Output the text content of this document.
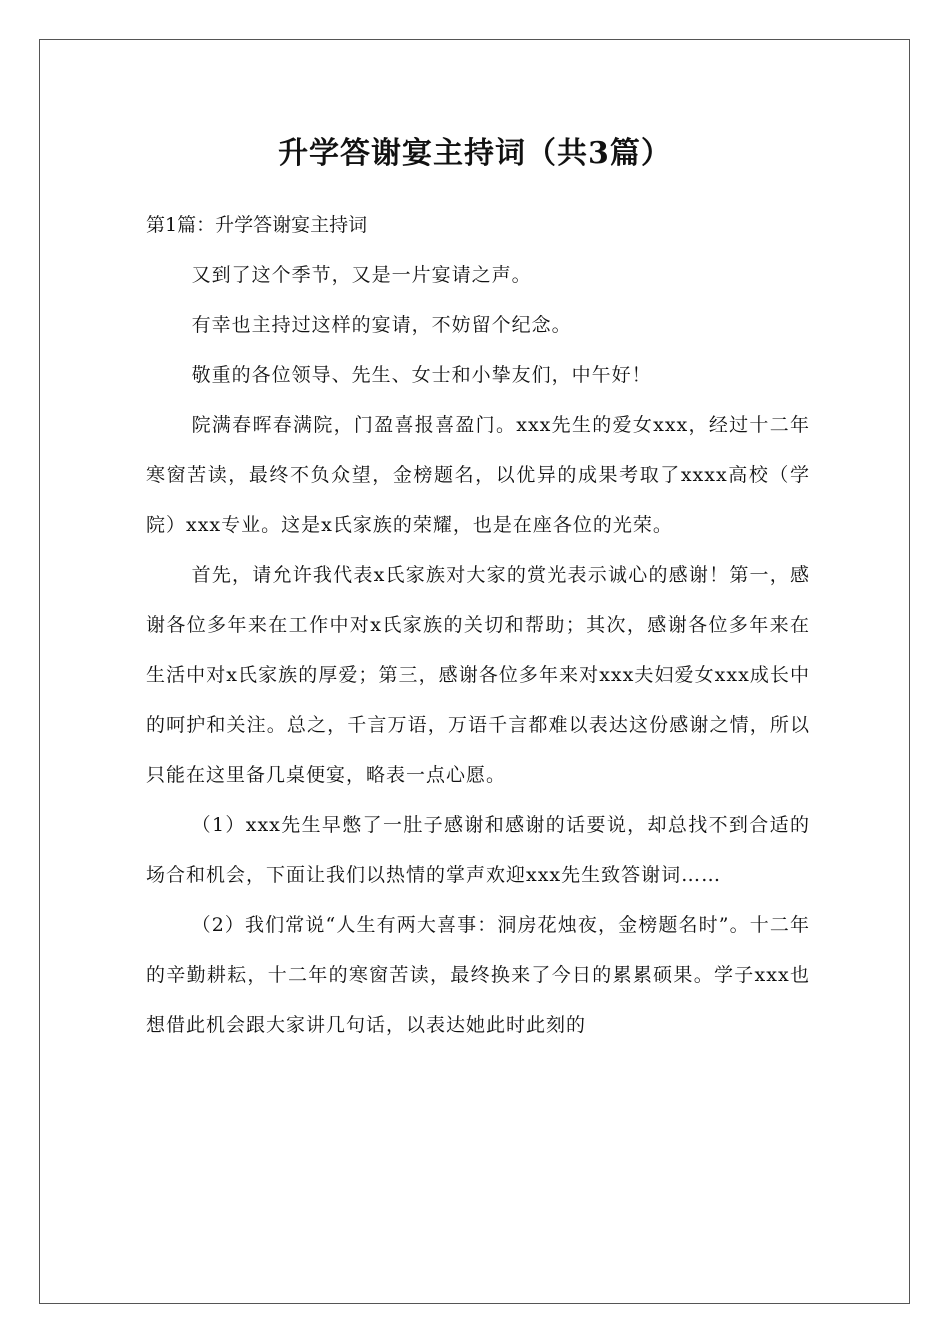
升学答谢宴主持词（共3篇）

第1篇：升学答谢宴主持词

又到了这个季节，又是一片宴请之声。

有幸也主持过这样的宴请，不妨留个纪念。

敬重的各位领导、先生、女士和小挚友们，中午好！

院满春晖春满院，门盈喜报喜盈门。xxx先生的爱女xxx，经过十二年寒窗苦读，最终不负众望，金榜题名，以优异的成果考取了xxxx高校（学院）xxx专业。这是x氏家族的荣耀，也是在座各位的光荣。

首先，请允许我代表x氏家族对大家的赏光表示诚心的感谢！第一，感谢各位多年来在工作中对x氏家族的关切和帮助；其次，感谢各位多年来在生活中对x氏家族的厚爱；第三，感谢各位多年来对xxx夫妇爱女xxx成长中的呵护和关注。总之，千言万语，万语千言都难以表达这份感谢之情，所以只能在这里备几桌便宴，略表一点心愿。

（1）xxx先生早憋了一肚子感谢和感谢的话要说，却总找不到合适的场合和机会，下面让我们以热情的掌声欢迎xxx先生致答谢词……

（2）我们常说“人生有两大喜事：洞房花烛夜，金榜题名时”。十二年的辛勤耕耘，十二年的寒窗苦读，最终换来了今日的累累硕果。学子xxx也想借此机会跟大家讲几句话，以表达她此时此刻的
